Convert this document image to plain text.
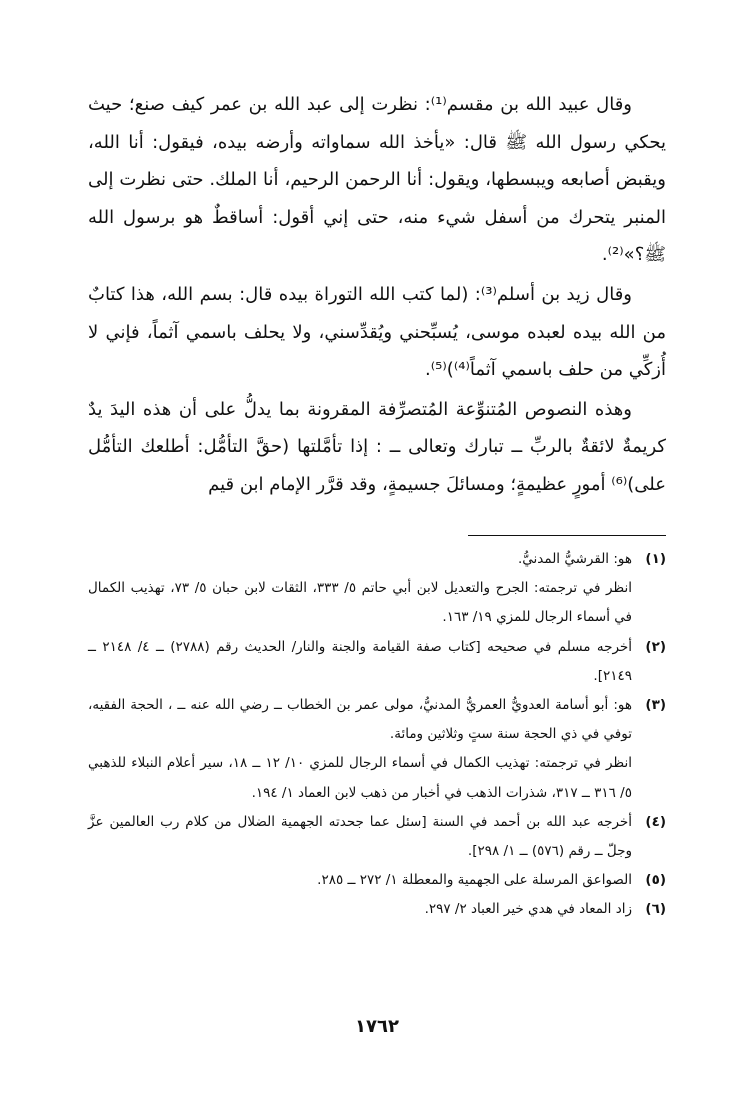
وقال عبيد الله بن مقسم⁽¹⁾: نظرت إلى عبد الله بن عمر كيف صنع؛ حيث يحكي رسول الله ﷺ قال: «يأخذ الله سماواته وأرضه بيده، فيقول: أنا الله، ويقبض أصابعه ويبسطها، ويقول: أنا الرحمن الرحيم، أنا الملك. حتى نظرت إلى المنبر يتحرك من أسفل شيء منه، حتى إني أقول: أساقطٌ هو برسول الله ﷺ؟»⁽²⁾.

وقال زيد بن أسلم⁽³⁾: (لما كتب الله التوراة بيده قال: بسم الله، هذا كتابٌ من الله بيده لعبده موسى، يُسبِّحني ويُقدِّسني، ولا يحلف باسمي آثماً، فإني لا أُزكِّي من حلف باسمي آثماً⁽⁴⁾)⁽⁵⁾.

وهذه النصوص المُتنوِّعة المُتصرِّفة المقرونة بما يدلُّ على أن هذه اليدَ يدٌ كريمةٌ لائقةٌ بالربِّ ــ تبارك وتعالى ــ : إذا تأمَّلتها (حقَّ التأمُّل: أطلعك التأمُّل على)⁽⁶⁾ أمورٍ عظيمةٍ؛ ومسائلَ جسيمةٍ، وقد قرَّر الإمام ابن قيم

(١)
هو: القرشيُّ المدنيُّ.
انظر في ترجمته: الجرح والتعديل لابن أبي حاتم ٥/ ٣٣٣، الثقات لابن حبان ٥/ ٧٣، تهذيب الكمال في أسماء الرجال للمزي ١٩/ ١٦٣.
(٢)
أخرجه مسلم في صحيحه [كتاب صفة القيامة والجنة والنار/ الحديث رقم (٢٧٨٨) ــ ٤/ ٢١٤٨ ــ ٢١٤٩].
(٣)
هو: أبو أسامة العدويُّ العمريُّ المدنيُّ، مولى عمر بن الخطاب ــ رضي الله عنه ــ ، الحجة الفقيه، توفي في ذي الحجة سنة ستٍ وثلاثين ومائة.
انظر في ترجمته: تهذيب الكمال في أسماء الرجال للمزي ١٠/ ١٢ ــ ١٨، سير أعلام النبلاء للذهبي ٥/ ٣١٦ ــ ٣١٧، شذرات الذهب في أخبار من ذهب لابن العماد ١/ ١٩٤.
(٤)
أخرجه عبد الله بن أحمد في السنة [سئل عما جحدته الجهمية الضلال من كلام رب العالمين عزَّ وجلّ ــ رقم (٥٧٦) ــ ١/ ٢٩٨].
(٥)
الصواعق المرسلة على الجهمية والمعطلة ١/ ٢٧٢ ــ ٢٨٥.
(٦)
زاد المعاد في هدي خير العباد ٢/ ٢٩٧.
١٧٦٢
